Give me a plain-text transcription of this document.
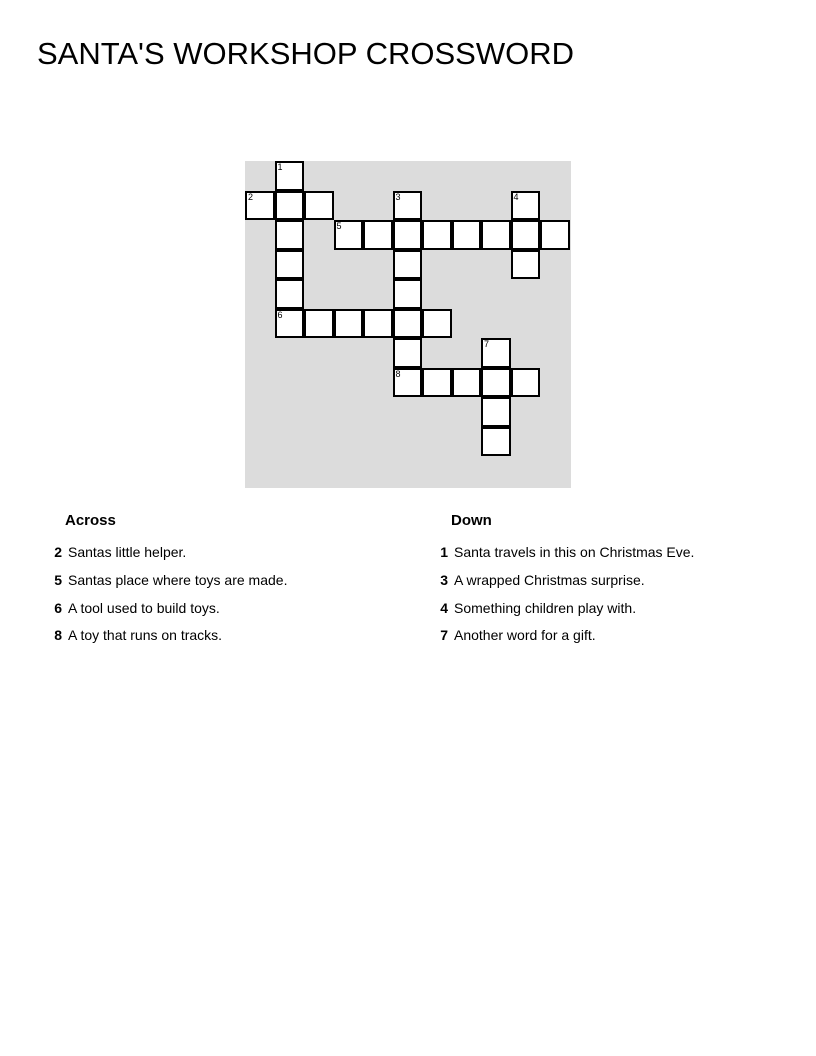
SANTA'S WORKSHOP CROSSWORD
1
2	3	4
5
6
7
8
Across
2 Santas little helper.
5 Santas place where toys are made.
6 A tool used to build toys.
8 A toy that runs on tracks.
Down
1 Santa travels in this on Christmas Eve.
3 A wrapped Christmas surprise.
4 Something children play with.
7 Another word for a gift.
